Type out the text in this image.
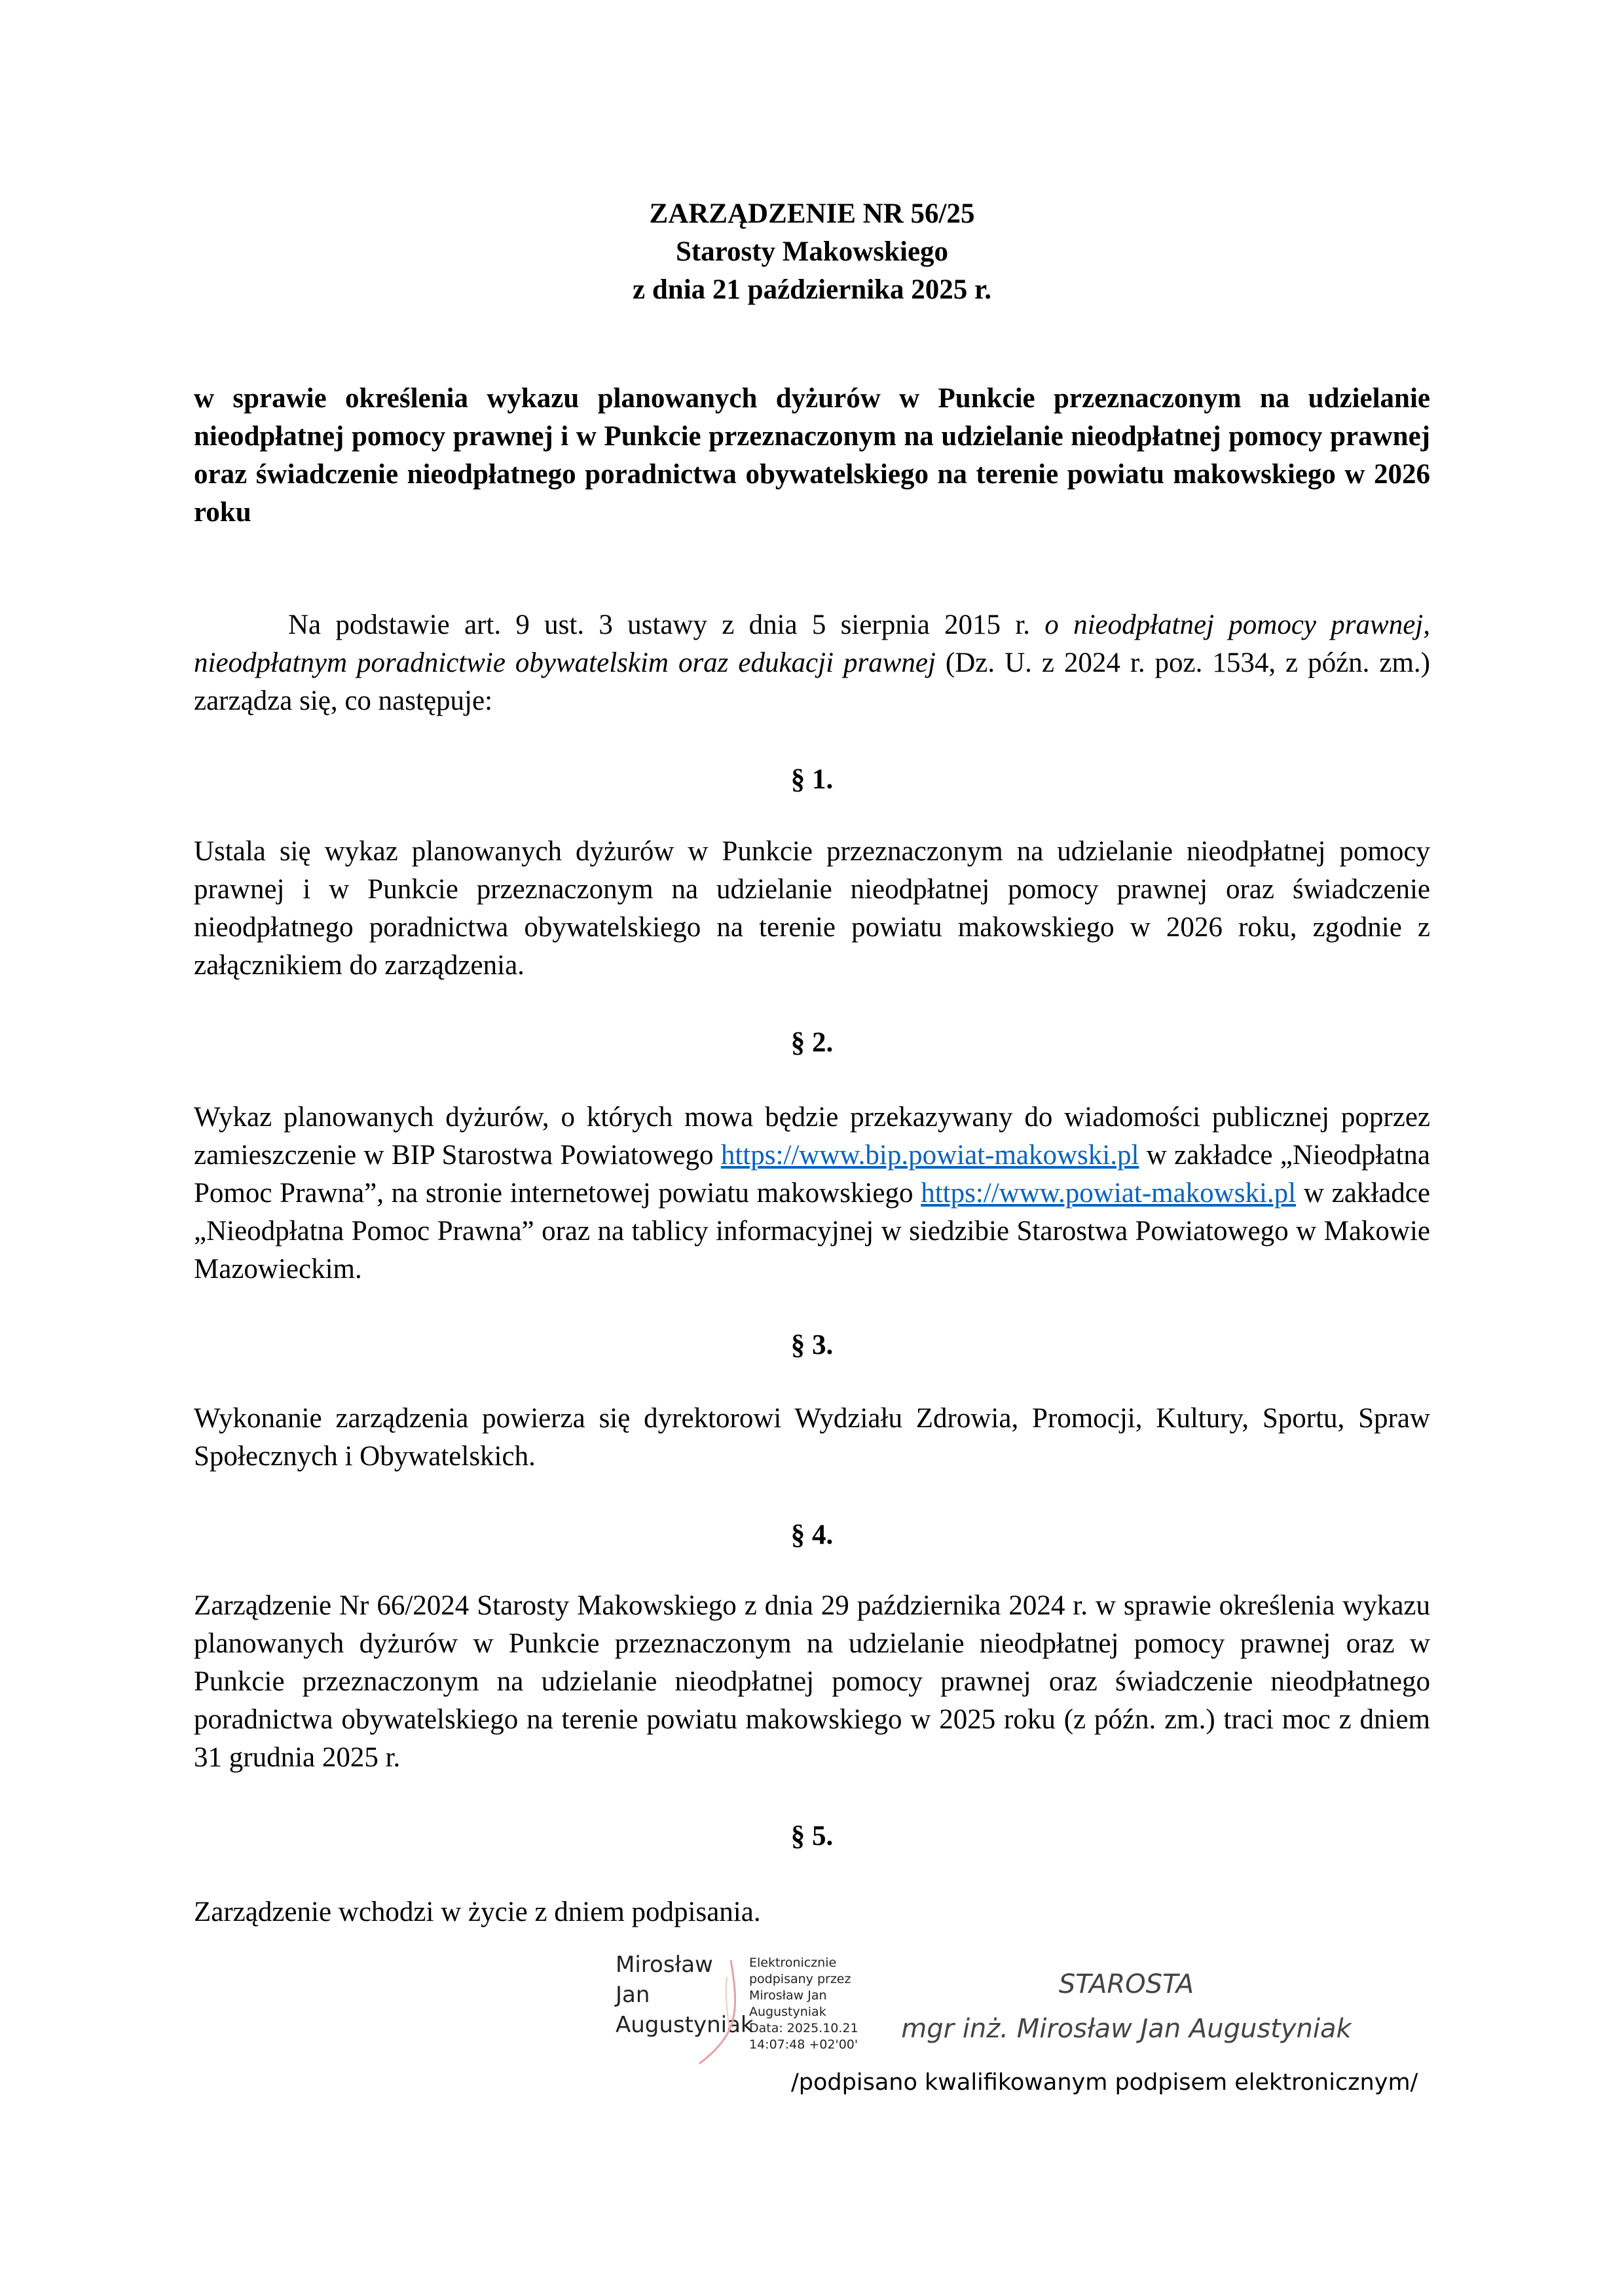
ZARZĄDZENIE NR 56/25
Starosty Makowskiego
z dnia 21 października 2025 r.
w sprawie określenia wykazu planowanych dyżurów w Punkcie przeznaczonym na udzielanie nieodpłatnej pomocy prawnej i w Punkcie przeznaczonym na udzielanie nieodpłatnej pomocy prawnej oraz świadczenie nieodpłatnego poradnictwa obywatelskiego na terenie powiatu makowskiego w 2026 roku
Na podstawie art. 9 ust. 3 ustawy z dnia 5 sierpnia 2015 r. o nieodpłatnej pomocy prawnej, nieodpłatnym poradnictwie obywatelskim oraz edukacji prawnej (Dz. U. z 2024 r. poz. 1534, z późn. zm.) zarządza się, co następuje:
§ 1.
Ustala się wykaz planowanych dyżurów w Punkcie przeznaczonym na udzielanie nieodpłatnej pomocy prawnej i w Punkcie przeznaczonym na udzielanie nieodpłatnej pomocy prawnej oraz świadczenie nieodpłatnego poradnictwa obywatelskiego na terenie powiatu makowskiego w 2026 roku, zgodnie z załącznikiem do zarządzenia.
§ 2.
Wykaz planowanych dyżurów, o których mowa będzie przekazywany do wiadomości publicznej poprzez zamieszczenie w BIP Starostwa Powiatowego https://www.bip.powiat-makowski.pl w zakładce „Nieodpłatna Pomoc Prawna”, na stronie internetowej powiatu makowskiego https://www.powiat-makowski.pl w zakładce „Nieodpłatna Pomoc Prawna” oraz na tablicy informacyjnej w siedzibie Starostwa Powiatowego w Makowie Mazowieckim.
§ 3.
Wykonanie zarządzenia powierza się dyrektorowi Wydziału Zdrowia, Promocji, Kultury, Sportu, Spraw Społecznych i Obywatelskich.
§ 4.
Zarządzenie Nr 66/2024 Starosty Makowskiego z dnia 29 października 2024 r. w sprawie określenia wykazu planowanych dyżurów w Punkcie przeznaczonym na udzielanie nieodpłatnej pomocy prawnej oraz w Punkcie przeznaczonym na udzielanie nieodpłatnej pomocy prawnej oraz świadczenie nieodpłatnego poradnictwa obywatelskiego na terenie powiatu makowskiego w 2025 roku (z późn. zm.) traci moc z dniem 31 grudnia 2025 r.
§ 5.
Zarządzenie wchodzi w życie z dniem podpisania.
Mirosław
Jan
Augustyniak
Elektronicznie
podpisany przez
Mirosław Jan
Augustyniak
Data: 2025.10.21
14:07:48 +02'00'
STAROSTA
mgr inż. Mirosław Jan Augustyniak
/podpisano kwalifikowanym podpisem elektronicznym/
